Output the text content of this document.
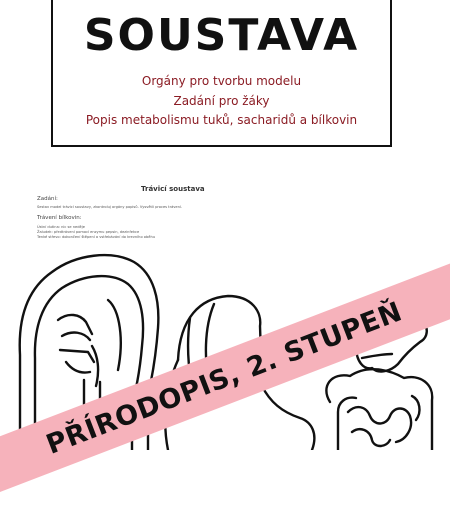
SOUSTAVA
Orgány pro tvorbu modelu
Zadání pro žáky
Popis metabolismu tuků, sacharidů a bílkovin
Trávicí soustava
Zadání:
Sestav model trávicí soustavy, zkontroluj orgány popisů. Vysvětli proces trávení.
Trávení bílkovin:
Ústní dutina: nic se neděje
Žaludek: předtrávení pomocí enzymu pepsin, dezinfekce
Tenké střevo: dokončení štěpení a vstřebávání do krevního oběhu
PŘÍRODOPIS, 2. STUPEŇ
